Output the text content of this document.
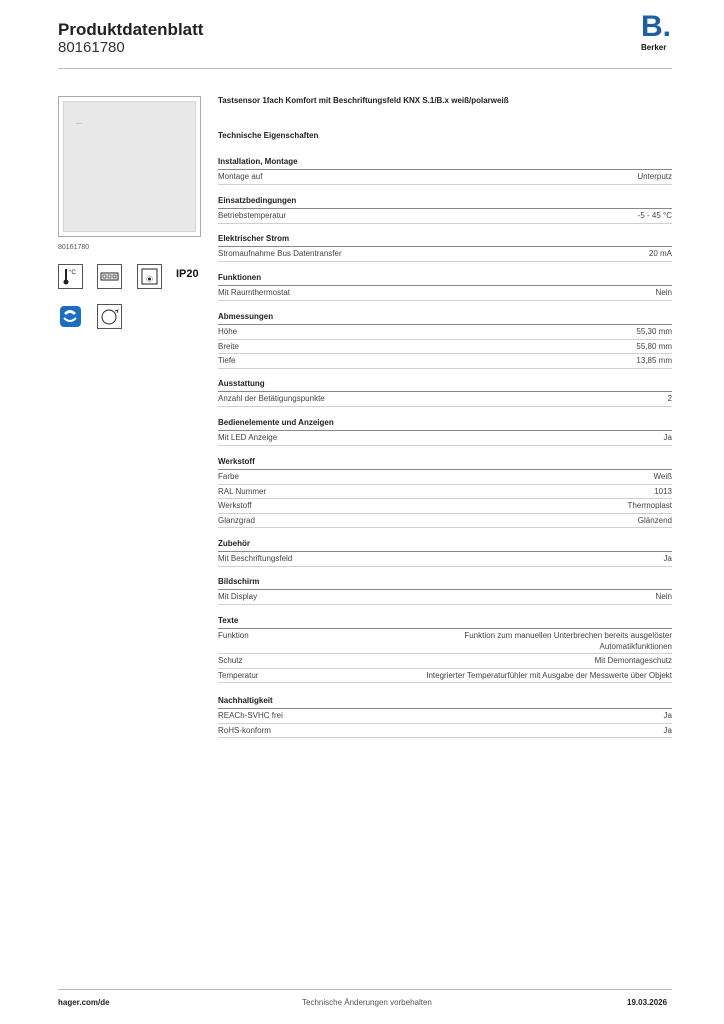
Produktdatenblatt
80161780
B.
Berker
80161780
°C	IP20
Tastsensor 1fach Komfort mit Beschriftungsfeld KNX S.1/B.x weiß/polarweiß
Technische Eigenschaften
Installation, Montage
Montage auf	Unterputz
Einsatzbedingungen
Betriebstemperatur	-5 - 45 °C
Elektrischer Strom
Stromaufnahme Bus Datentransfer	20 mA
Funktionen
Mit Raumthermostat	Nein
Abmessungen
Höhe	55,30 mm
Breite	55,80 mm
Tiefe	13,85 mm
Ausstattung
Anzahl der Betätigungspunkte	2
Bedienelemente und Anzeigen
Mit LED Anzeige	Ja
Werkstoff
Farbe	Weiß
RAL Nummer	1013
Werkstoff	Thermoplast
Glanzgrad	Glänzend
Zubehör
Mit Beschriftungsfeld	Ja
Bildschirm
Mit Display	Nein
Texte
Funktion	Funktion zum manuellen Unterbrechen bereits ausgelöster Automatikfunktionen
Schutz	Mit Demontageschutz
Temperatur	Integrierter Temperaturfühler mit Ausgabe der Messwerte über Objekt
Nachhaltigkeit
REACh-SVHC frei	Ja
RoHS-konform	Ja
hager.com/de	Technische Änderungen vorbehalten	19.03.2026
